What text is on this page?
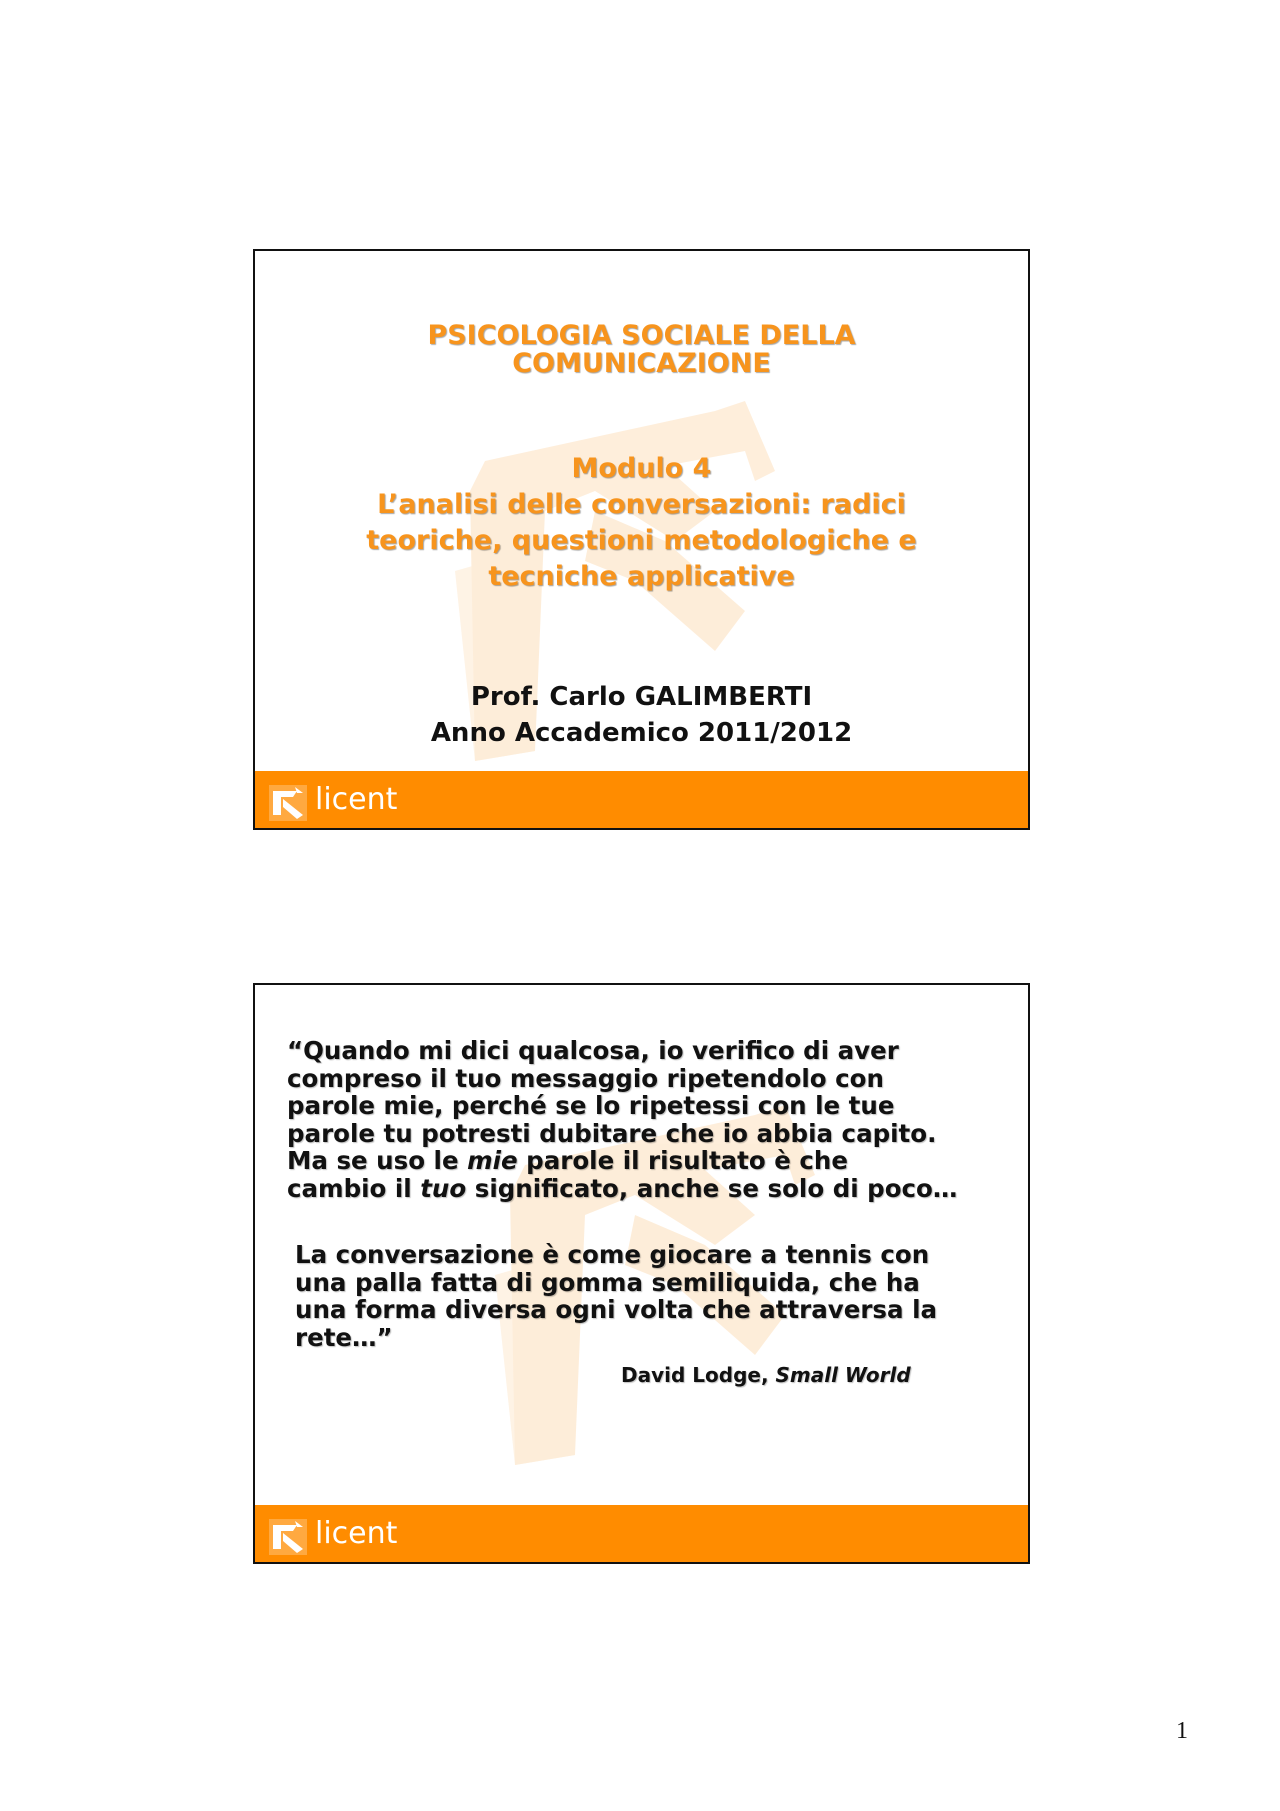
PSICOLOGIA SOCIALE DELLA
COMUNICAZIONE
Modulo 4
L’analisi delle conversazioni: radici
teoriche, questioni metodologiche e
tecniche applicative
Prof. Carlo GALIMBERTI
Anno Accademico 2011/2012
licent
“Quando mi dici qualcosa, io verifico di aver
compreso il tuo messaggio ripetendolo con
parole mie, perché se lo ripetessi con le tue
parole tu potresti dubitare che io abbia capito.
Ma se uso le mie parole il risultato è che
cambio il tuo significato, anche se solo di poco…
La conversazione è come giocare a tennis con
una palla fatta di gomma semiliquida, che ha
una forma diversa ogni volta che attraversa la
rete…”
David Lodge, Small World
licent
1
